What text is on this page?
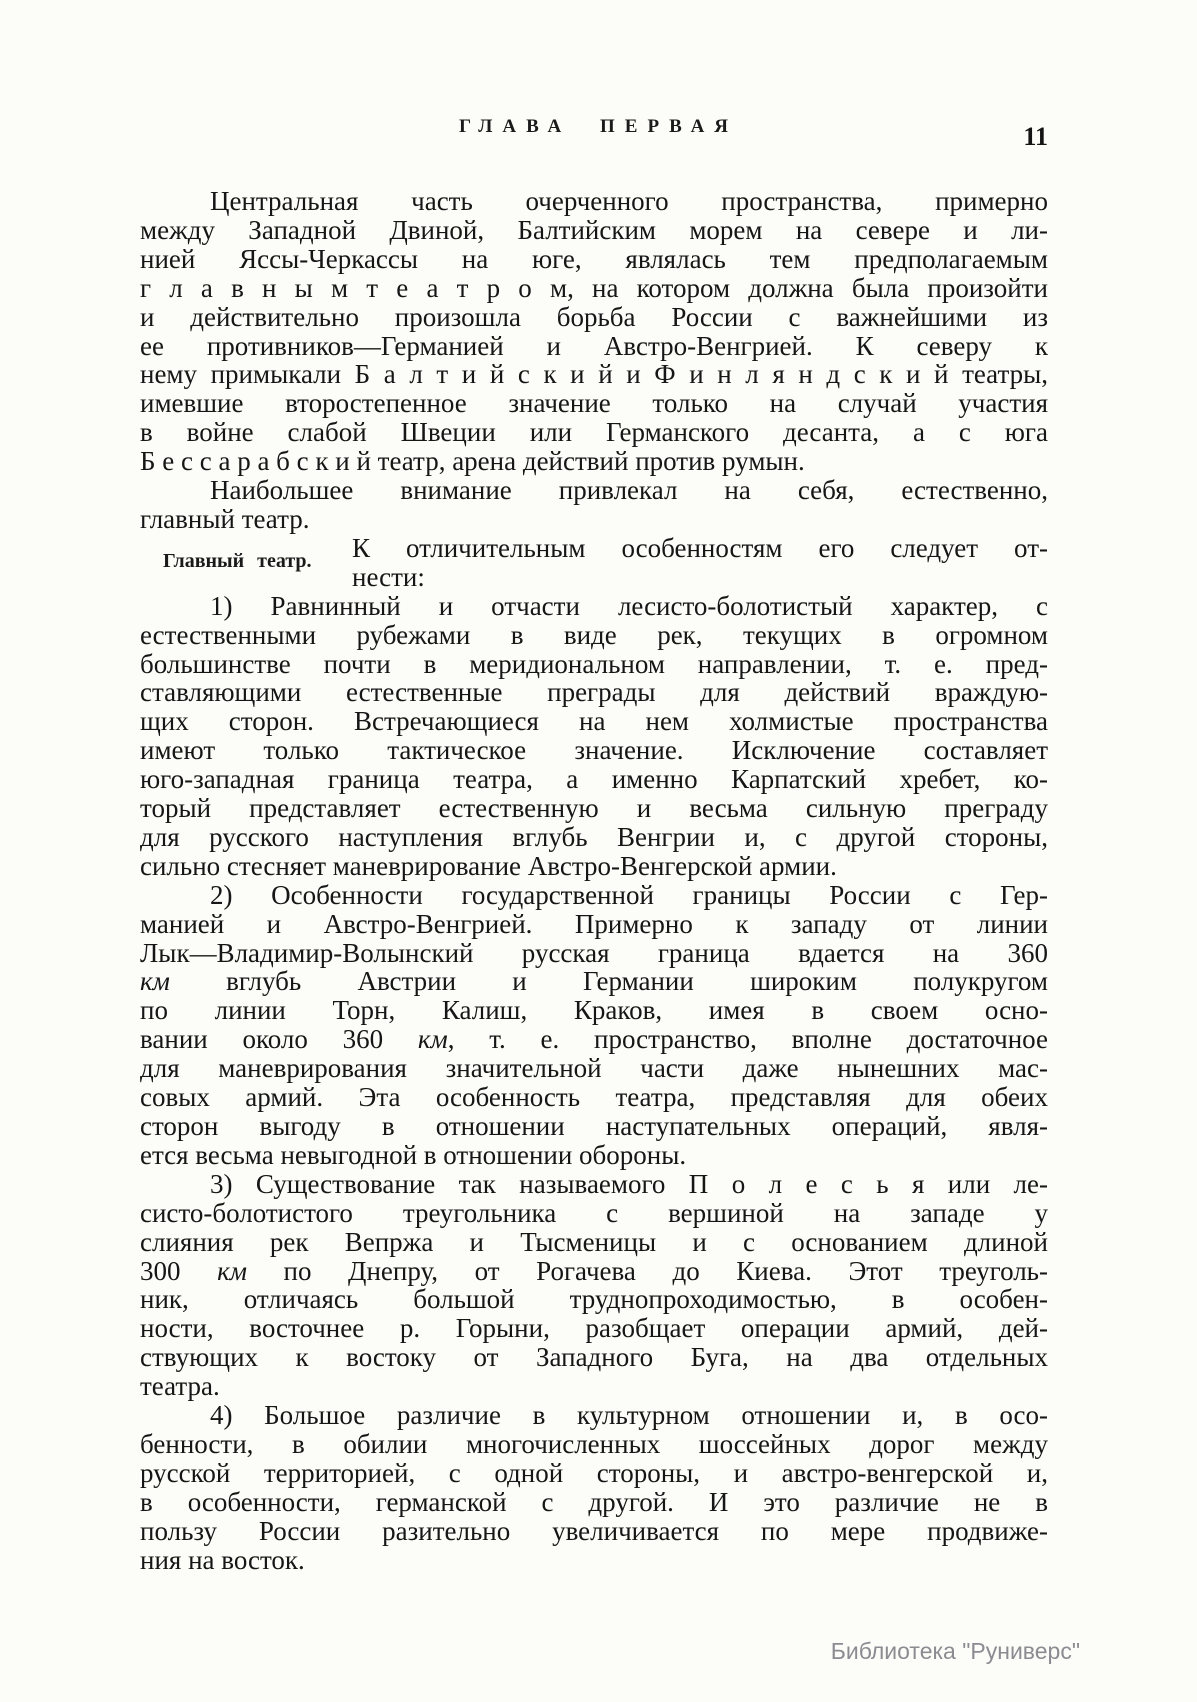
ГЛАВА ПЕРВАЯ	11
Центральная часть очерченного пространства, примерно
между Западной Двиной, Балтийским морем на севере и ли-
нией Яссы-Черкассы на юге, являлась тем предполагаемым
г л а в н ы м т е а т р о м, на котором должна была произойти
и действительно произошла борьба России с важнейшими из
ее противников—Германией и Австро-Венгрией. К северу к
нему примыкали Б а л т и й с к и й и Ф и н л я н д с к и й театры,
имевшие второстепенное значение только на случай участия
в войне слабой Швеции или Германского десанта, а с юга
Б е с с а р а б с к и й театр, арена действий против румын.
Наибольшее внимание привлекал на себя, естественно,
главный театр.
Главный театр. К отличительным особенностям его следует от-
нести:
1) Равнинный и отчасти лесисто-болотистый характер, с
естественными рубежами в виде рек, текущих в огромном
большинстве почти в меридиональном направлении, т. е. пред-
ставляющими естественные преграды для действий враждую-
щих сторон. Встречающиеся на нем холмистые пространства
имеют только тактическое значение. Исключение составляет
юго-западная граница театра, а именно Карпатский хребет, ко-
торый представляет естественную и весьма сильную преграду
для русского наступления вглубь Венгрии и, с другой стороны,
сильно стесняет маневрирование Австро-Венгерской армии.
2) Особенности государственной границы России с Гер-
манией и Австро-Венгрией. Примерно к западу от линии
Лык—Владимир-Волынский русская граница вдается на 360
км вглубь Австрии и Германии широким полукругом
по линии Торн, Калиш, Краков, имея в своем осно-
вании около 360 км, т. е. пространство, вполне достаточное
для маневрирования значительной части даже нынешних мас-
совых армий. Эта особенность театра, представляя для обеих
сторон выгоду в отношении наступательных операций, явля-
ется весьма невыгодной в отношении обороны.
3) Существование так называемого П о л е с ь я или ле-
систо-болотистого треугольника с вершиной на западе у
слияния рек Вепржа и Тысменицы и с основанием длиной
300 км по Днепру, от Рогачева до Киева. Этот треуголь-
ник, отличаясь большой труднопроходимостью, в особен-
ности, восточнее р. Горыни, разобщает операции армий, дей-
ствующих к востоку от Западного Буга, на два отдельных
театра.
4) Большое различие в культурном отношении и, в осо-
бенности, в обилии многочисленных шоссейных дорог между
русской территорией, с одной стороны, и австро-венгерской и,
в особенности, германской с другой. И это различие не в
пользу России разительно увеличивается по мере продвиже-
ния на восток.
Библиотека "Руниверс"
